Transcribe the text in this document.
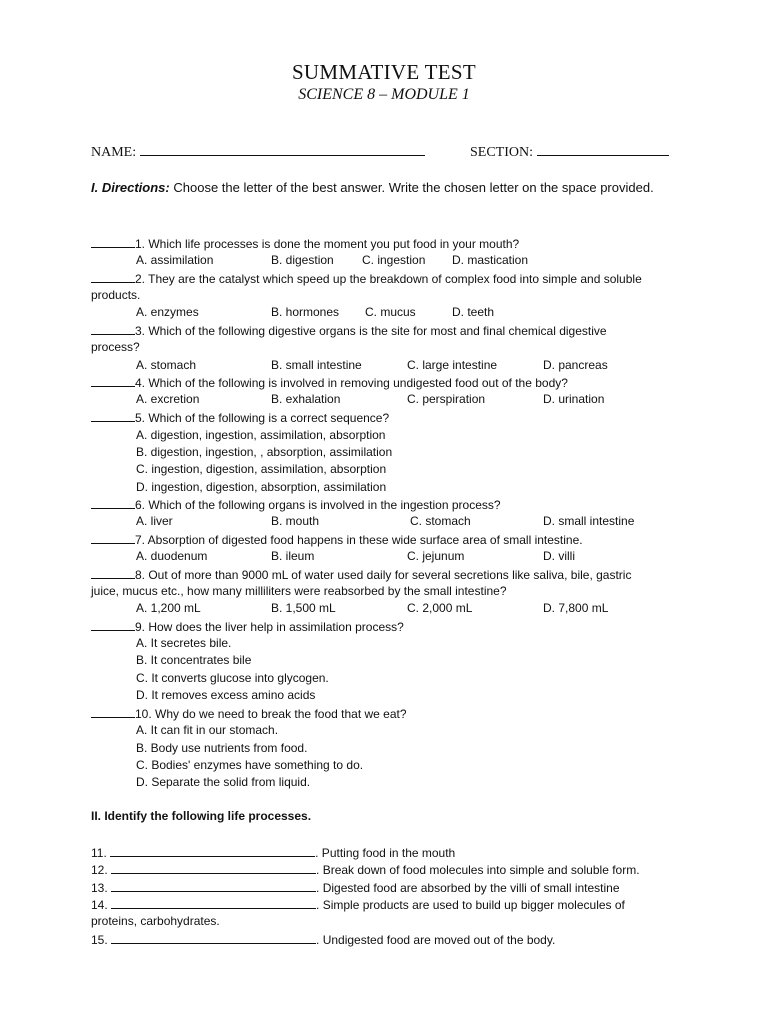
SUMMATIVE TEST
SCIENCE 8 – MODULE 1
NAME:	SECTION:
I. Directions: Choose the letter of the best answer. Write the chosen letter on the space provided.
1. Which life processes is done the moment you put food in your mouth?
A. assimilation	B. digestion C. ingestion D. mastication
2. They are the catalyst which speed up the breakdown of complex food into simple and soluble
products.
A. enzymes	B. hormones C. mucus	D. teeth
3. Which of the following digestive organs is the site for most and final chemical digestive
process?
A. stomach	B. small intestine	C. large intestine	D. pancreas
4. Which of the following is involved in removing undigested food out of the body?
A. excretion	B. exhalation	C. perspiration	D. urination
5. Which of the following is a correct sequence?
A. digestion, ingestion, assimilation, absorption
B. digestion, ingestion, , absorption, assimilation
C. ingestion, digestion, assimilation, absorption
D. ingestion, digestion, absorption, assimilation
6. Which of the following organs is involved in the ingestion process?
A. liver	B. mouth	C. stomach	D. small intestine
7. Absorption of digested food happens in these wide surface area of small intestine.
A. duodenum	B. ileum	C. jejunum	D. villi
8. Out of more than 9000 mL of water used daily for several secretions like saliva, bile, gastric
juice, mucus etc., how many milliliters were reabsorbed by the small intestine?
A. 1,200 mL	B. 1,500 mL	C. 2,000 mL	D. 7,800 mL
9. How does the liver help in assimilation process?
A. It secretes bile.
B. It concentrates bile
C. It converts glucose into glycogen.
D. It removes excess amino acids
10. Why do we need to break the food that we eat?
A. It can fit in our stomach.
B. Body use nutrients from food.
C. Bodies' enzymes have something to do.
D. Separate the solid from liquid.
II. Identify the following life processes.
11.	. Putting food in the mouth
12.	. Break down of food molecules into simple and soluble form.
13.	. Digested food are absorbed by the villi of small intestine
14.	. Simple products are used to build up bigger molecules of
proteins, carbohydrates.
15.	. Undigested food are moved out of the body.
